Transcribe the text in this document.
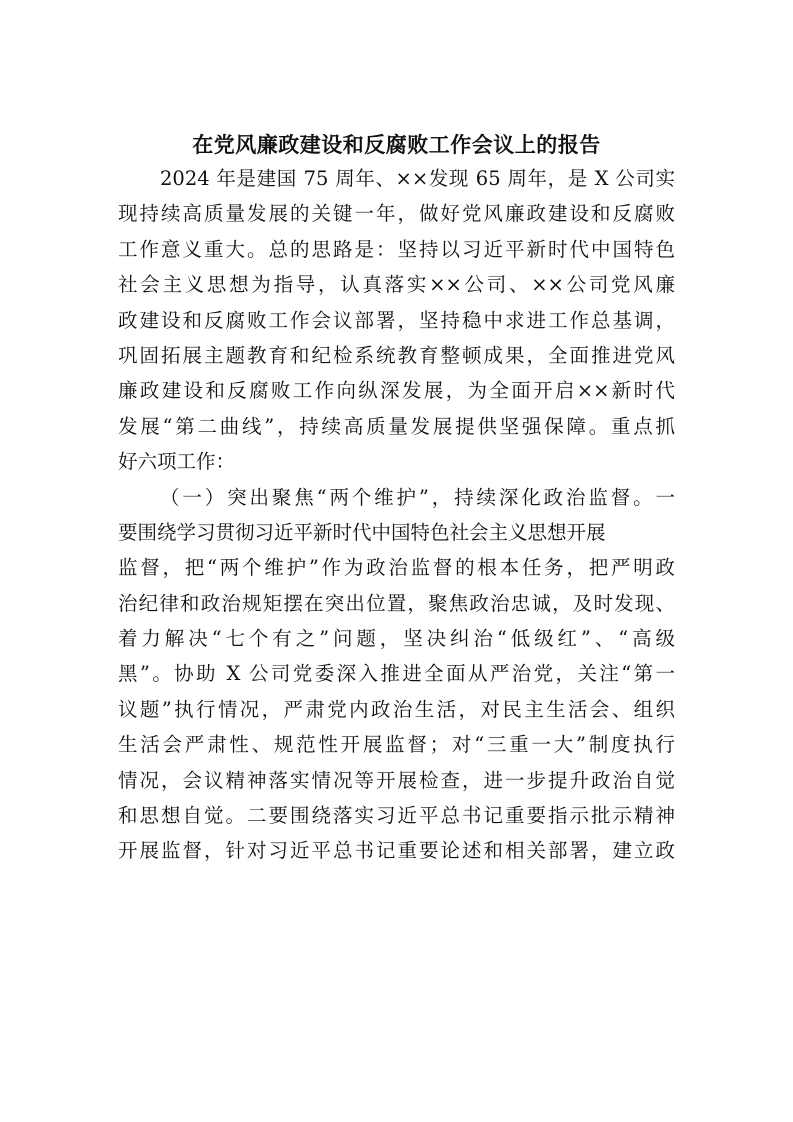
在党风廉政建设和反腐败工作会议上的报告
2024 年是建国 75 周年、××发现 65 周年，是 X 公司实
现持续高质量发展的关键一年，做好党风廉政建设和反腐败
工作意义重大。总的思路是：坚持以习近平新时代中国特色
社会主义思想为指导，认真落实××公司、××公司党风廉
政建设和反腐败工作会议部署，坚持稳中求进工作总基调，
巩固拓展主题教育和纪检系统教育整顿成果，全面推进党风
廉政建设和反腐败工作向纵深发展，为全面开启××新时代
发展“第二曲线”，持续高质量发展提供坚强保障。重点抓
好六项工作：
（一）突出聚焦“两个维护”，持续深化政治监督。一
要围绕学习贯彻习近平新时代中国特色社会主义思想开展
监督，把“两个维护”作为政治监督的根本任务，把严明政
治纪律和政治规矩摆在突出位置，聚焦政治忠诚，及时发现、
着力解决“七个有之”问题，坚决纠治“低级红”、“高级
黑”。协助 X 公司党委深入推进全面从严治党，关注“第一
议题”执行情况，严肃党内政治生活，对民主生活会、组织
生活会严肃性、规范性开展监督；对“三重一大”制度执行
情况，会议精神落实情况等开展检查，进一步提升政治自觉
和思想自觉。二要围绕落实习近平总书记重要指示批示精神
开展监督，针对习近平总书记重要论述和相关部署，建立政
